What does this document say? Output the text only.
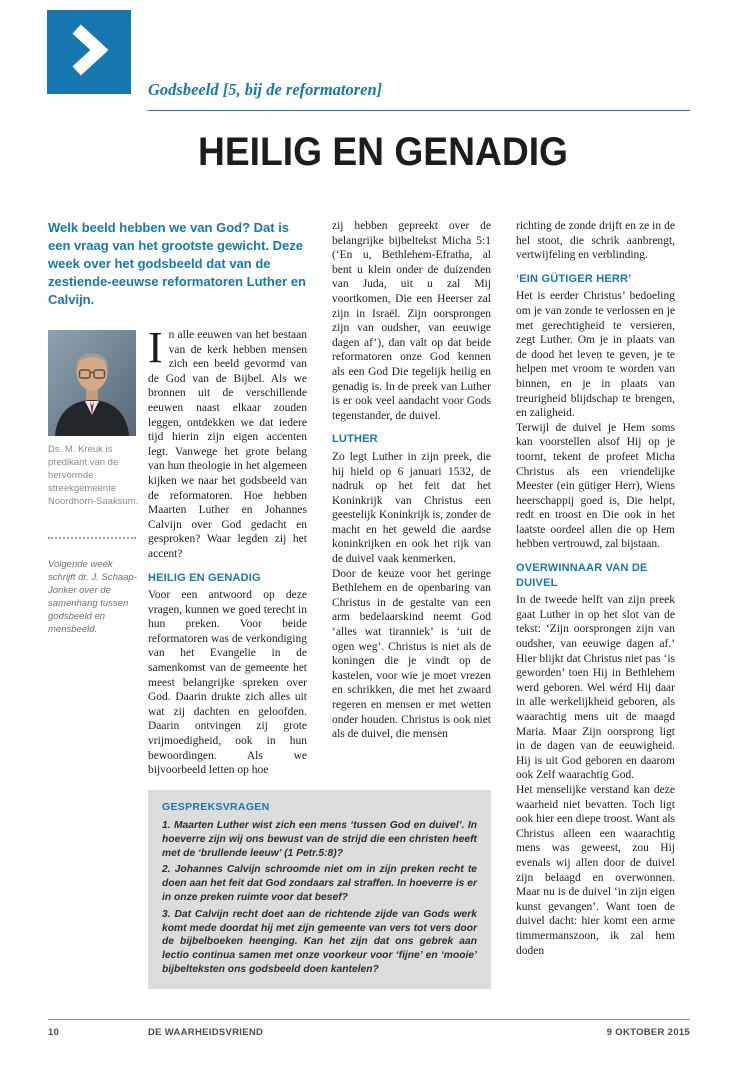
Godsbeeld [5, bij de reformatoren]
HEILIG EN GENADIG

Welk beeld hebben we van God? Dat is een vraag van het grootste gewicht. Deze week over het godsbeeld dat van de zestiende-eeuwse reformatoren Luther en Calvijn.

Ds. M. Kreuk is predikant van de hervormde streekgemeente Noordhorn-Saaksum.

Volgende week schrijft dr. J. Schaap-Jonker over de samenhang tussen godsbeeld en mensbeeld.

In alle eeuwen van het bestaan van de kerk hebben mensen zich een beeld gevormd van de God van de Bijbel. Als we bronnen uit de verschillende eeuwen naast elkaar zouden leggen, ontdekken we dat iedere tijd hierin zijn eigen accenten legt. Vanwege het grote belang van hun theologie in het algemeen kijken we naar het godsbeeld van de reformatoren. Hoe hebben Maarten Luther en Johannes Calvijn over God gedacht en gesproken? Waar legden zij het accent?

HEILIG EN GENADIG

Voor een antwoord op deze vragen, kunnen we goed terecht in hun preken. Voor beide reformatoren was de verkondiging van het Evangelie in de samenkomst van de gemeente het meest belangrijke spreken over God. Daarin drukte zich alles uit wat zij dachten en geloofden. Daarin ontvingen zij grote vrijmoedigheid, ook in hun bewoordingen. Als we bijvoorbeeld letten op hoe

zij hebben gepreekt over de belangrijke bijbeltekst Micha 5:1 (‘En u, Bethlehem-Efratha, al bent u klein onder de duizenden van Juda, uit u zal Mij voortkomen, Die een Heerser zal zijn in Israël. Zijn oorsprongen zijn van oudsher, van eeuwige dagen af’), dan valt op dat beide reformatoren onze God kennen als een God Die tegelijk heilig en genadig is. In de preek van Luther is er ook veel aandacht voor Gods tegenstander, de duivel.

LUTHER

Zo legt Luther in zijn preek, die hij hield op 6 januari 1532, de nadruk op het feit dat het Koninkrijk van Christus een geestelijk Koninkrijk is, zonder de macht en het geweld die aardse koninkrijken en ook het rijk van de duivel vaak kenmerken.

Door de keuze voor het geringe Bethlehem en de openbaring van Christus in de gestalte van een arm bedelaarskind neemt God ‘alles wat tiranniek’ is ‘uit de ogen weg’. Christus is niet als de koningen die je vindt op de kastelen, voor wie je moet vrezen en schrikken, die met het zwaard regeren en mensen er met wetten onder houden. Christus is ook niet als de duivel, die mensen

richting de zonde drijft en ze in de hel stoot, die schrik aanbrengt, vertwijfeling en verblinding.

‘EIN GÜTIGER HERR’

Het is eerder Christus’ bedoeling om je van zonde te verlossen en je met gerechtigheid te versieren, zegt Luther. Om je in plaats van de dood het leven te geven, je te helpen met vroom te worden van binnen, en je in plaats van treurigheid blijdschap te brengen, en zaligheid.

Terwijl de duivel je Hem soms kan voorstellen alsof Hij op je toornt, tekent de profeet Micha Christus als een vriendelijke Meester (ein gütiger Herr), Wiens heerschappij goed is, Die helpt, redt en troost en Die ook in het laatste oordeel allen die op Hem hebben vertrouwd, zal bijstaan.

OVERWINNAAR VAN DE DUIVEL

In de tweede helft van zijn preek gaat Luther in op het slot van de tekst: ‘Zijn oorsprongen zijn van oudsher, van eeuwige dagen af.’ Hier blijkt dat Christus niet pas ‘is geworden’ toen Hij in Bethlehem werd geboren. Wel wérd Hij daar in alle werkelijkheid geboren, als waarachtig mens uit de maagd Maria. Maar Zijn oorsprong ligt in de dagen van de eeuwigheid. Hij is uit God geboren en daarom ook Zelf waarachtig God.

Het menselijke verstand kan deze waarheid niet bevatten. Toch ligt ook hier een diepe troost. Want als Christus alleen een waarachtig mens was geweest, zou Hij evenals wij allen door de duivel zijn belaagd en overwonnen. Maar nu is de duivel ‘in zijn eigen kunst gevangen’. Want toen de duivel dacht: hier komt een arme timmermanszoon, ik zal hem doden

GESPREKSVRAGEN

1. Maarten Luther wist zich een mens ‘tussen God en duivel’. In hoeverre zijn wij ons bewust van de strijd die een christen heeft met de ‘brullende leeuw’ (1 Petr.5:8)?

2. Johannes Calvijn schroomde niet om in zijn preken recht te doen aan het feit dat God zondaars zal straffen. In hoeverre is er in onze preken ruimte voor dat besef?

3. Dat Calvijn recht doet aan de richtende zijde van Gods werk komt mede doordat hij met zijn gemeente van vers tot vers door de bijbelboeken heenging. Kan het zijn dat ons gebrek aan lectio continua samen met onze voorkeur voor ‘fijne’ en ‘mooie’ bijbelteksten ons godsbeeld doen kantelen?

10	DE WAARHEIDSVRIEND	9 OKTOBER 2015
